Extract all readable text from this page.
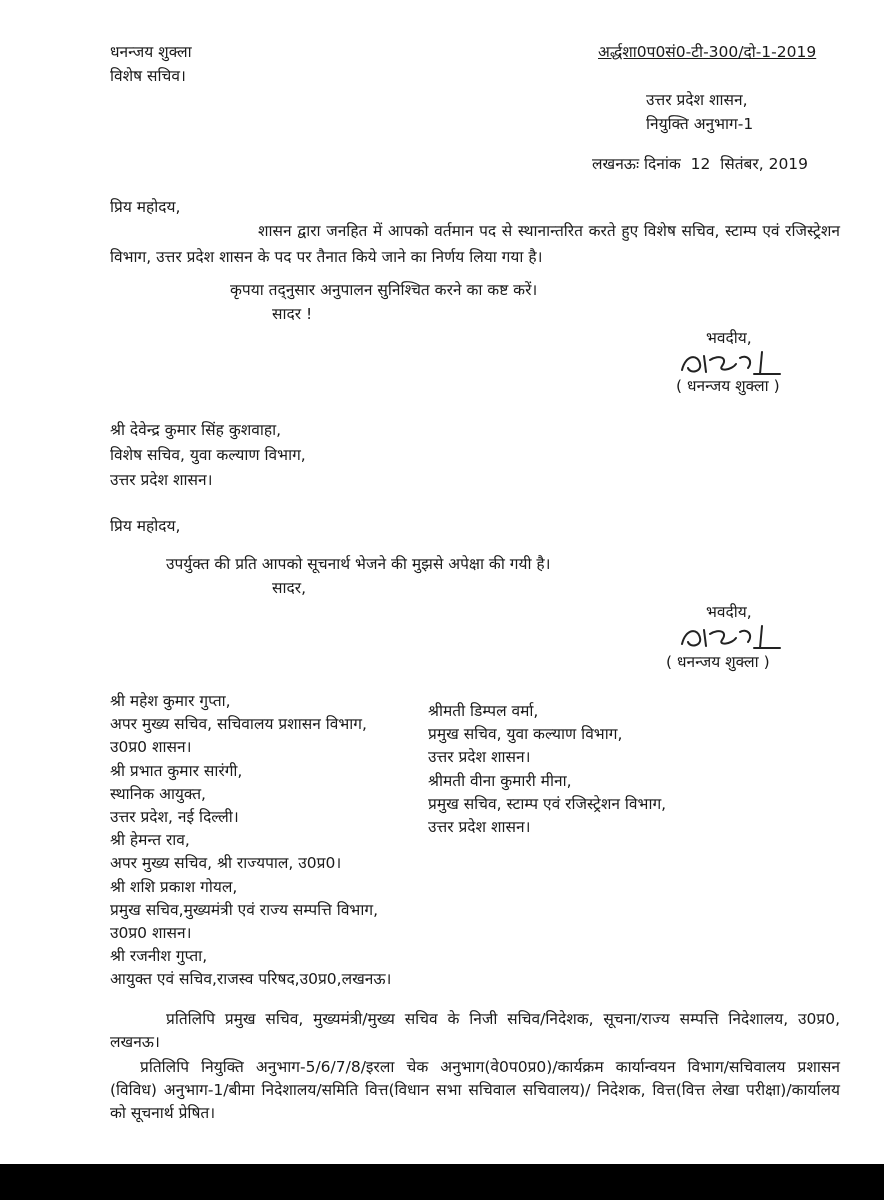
धनन्जय शुक्ला
विशेष सचिव।
अर्द्धशा0प0सं0-टी-300/दो-1-2019
उत्तर प्रदेश शासन,
नियुक्ति अनुभाग-1
लखनऊः दिनांक  12  सितंबर, 2019
प्रिय महोदय,
शासन द्वारा जनहित में आपको वर्तमान पद से स्थानान्तरित करते हुए विशेष सचिव, स्टाम्प एवं रजिस्ट्रेशन विभाग, उत्तर प्रदेश शासन के पद पर तैनात किये जाने का निर्णय लिया गया है।
कृपया तद्नुसार अनुपालन सुनिश्चित करने का कष्ट करें।
सादर !
भवदीय,
( धनन्जय शुक्ला )
श्री देवेन्द्र कुमार सिंह कुशवाहा,
विशेष सचिव, युवा कल्याण विभाग,
उत्तर प्रदेश शासन।
प्रिय महोदय,
उपर्युक्त की प्रति आपको सूचनार्थ भेजने की मुझसे अपेक्षा की गयी है।
सादर,
भवदीय,
( धनन्जय शुक्ला )
श्री महेश कुमार गुप्ता,
अपर मुख्य सचिव, सचिवालय प्रशासन विभाग,
उ0प्र0 शासन।
श्री प्रभात कुमार सारंगी,
स्थानिक आयुक्त,
उत्तर प्रदेश, नई दिल्ली।
श्री हेमन्त राव,
अपर मुख्य सचिव, श्री राज्यपाल, उ0प्र0।
श्री शशि प्रकाश गोयल,
प्रमुख सचिव,मुख्यमंत्री एवं राज्य सम्पत्ति विभाग,
उ0प्र0 शासन।
श्री रजनीश गुप्ता,
आयुक्त एवं सचिव,राजस्व परिषद,उ0प्र0,लखनऊ।
श्रीमती डिम्पल वर्मा,
प्रमुख सचिव, युवा कल्याण विभाग,
उत्तर प्रदेश शासन।
श्रीमती वीना कुमारी मीना,
प्रमुख सचिव, स्टाम्प एवं रजिस्ट्रेशन विभाग,
उत्तर प्रदेश शासन।
प्रतिलिपि प्रमुख सचिव, मुख्यमंत्री/मुख्य सचिव के निजी सचिव/निदेशक, सूचना/राज्य सम्पत्ति निदेशालय, उ0प्र0, लखनऊ।
प्रतिलिपि नियुक्ति अनुभाग-5/6/7/8/इरला चेक अनुभाग(वे0प0प्र0)/कार्यक्रम कार्यान्वयन विभाग/सचिवालय प्रशासन (विविध) अनुभाग-1/बीमा निदेशालय/समिति वित्त(विधान सभा सचिवाल सचिवालय)/ निदेशक, वित्त(वित्त लेखा परीक्षा)/कार्यालय को सूचनार्थ प्रेषित।
